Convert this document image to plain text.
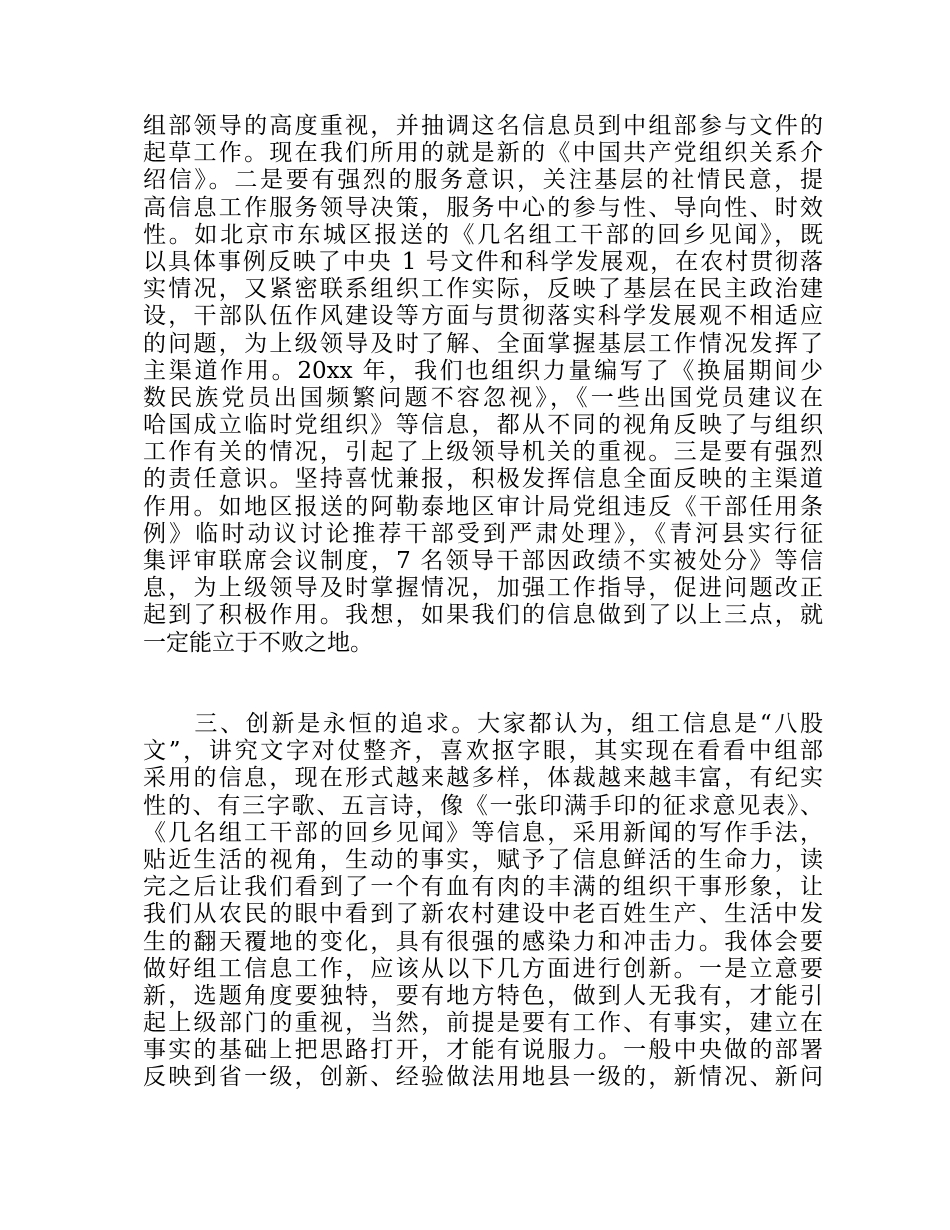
组部领导的高度重视，并抽调这名信息员到中组部参与文件的
起草工作。现在我们所用的就是新的《中国共产党组织关系介
绍信》。二是要有强烈的服务意识，关注基层的社情民意，提
高信息工作服务领导决策，服务中心的参与性、导向性、时效
性。如北京市东城区报送的《几名组工干部的回乡见闻》，既
以具体事例反映了中央 1 号文件和科学发展观，在农村贯彻落
实情况，又紧密联系组织工作实际，反映了基层在民主政治建
设，干部队伍作风建设等方面与贯彻落实科学发展观不相适应
的问题，为上级领导及时了解、全面掌握基层工作情况发挥了
主渠道作用。20xx 年，我们也组织力量编写了《换届期间少
数民族党员出国频繁问题不容忽视》，《一些出国党员建议在
哈国成立临时党组织》等信息，都从不同的视角反映了与组织
工作有关的情况，引起了上级领导机关的重视。三是要有强烈
的责任意识。坚持喜忧兼报，积极发挥信息全面反映的主渠道
作用。如地区报送的阿勒泰地区审计局党组违反《干部任用条
例》临时动议讨论推荐干部受到严肃处理》，《青河县实行征
集评审联席会议制度，7 名领导干部因政绩不实被处分》等信
息，为上级领导及时掌握情况，加强工作指导，促进问题改正
起到了积极作用。我想，如果我们的信息做到了以上三点，就
一定能立于不败之地。
　　三、创新是永恒的追求。大家都认为，组工信息是“八股
文”，讲究文字对仗整齐，喜欢抠字眼，其实现在看看中组部
采用的信息，现在形式越来越多样，体裁越来越丰富，有纪实
性的、有三字歌、五言诗，像《一张印满手印的征求意见表》、
《几名组工干部的回乡见闻》等信息，采用新闻的写作手法，
贴近生活的视角，生动的事实，赋予了信息鲜活的生命力，读
完之后让我们看到了一个有血有肉的丰满的组织干事形象，让
我们从农民的眼中看到了新农村建设中老百姓生产、生活中发
生的翻天覆地的变化，具有很强的感染力和冲击力。我体会要
做好组工信息工作，应该从以下几方面进行创新。一是立意要
新，选题角度要独特，要有地方特色，做到人无我有，才能引
起上级部门的重视，当然，前提是要有工作、有事实，建立在
事实的基础上把思路打开，才能有说服力。一般中央做的部署
反映到省一级，创新、经验做法用地县一级的，新情况、新问
